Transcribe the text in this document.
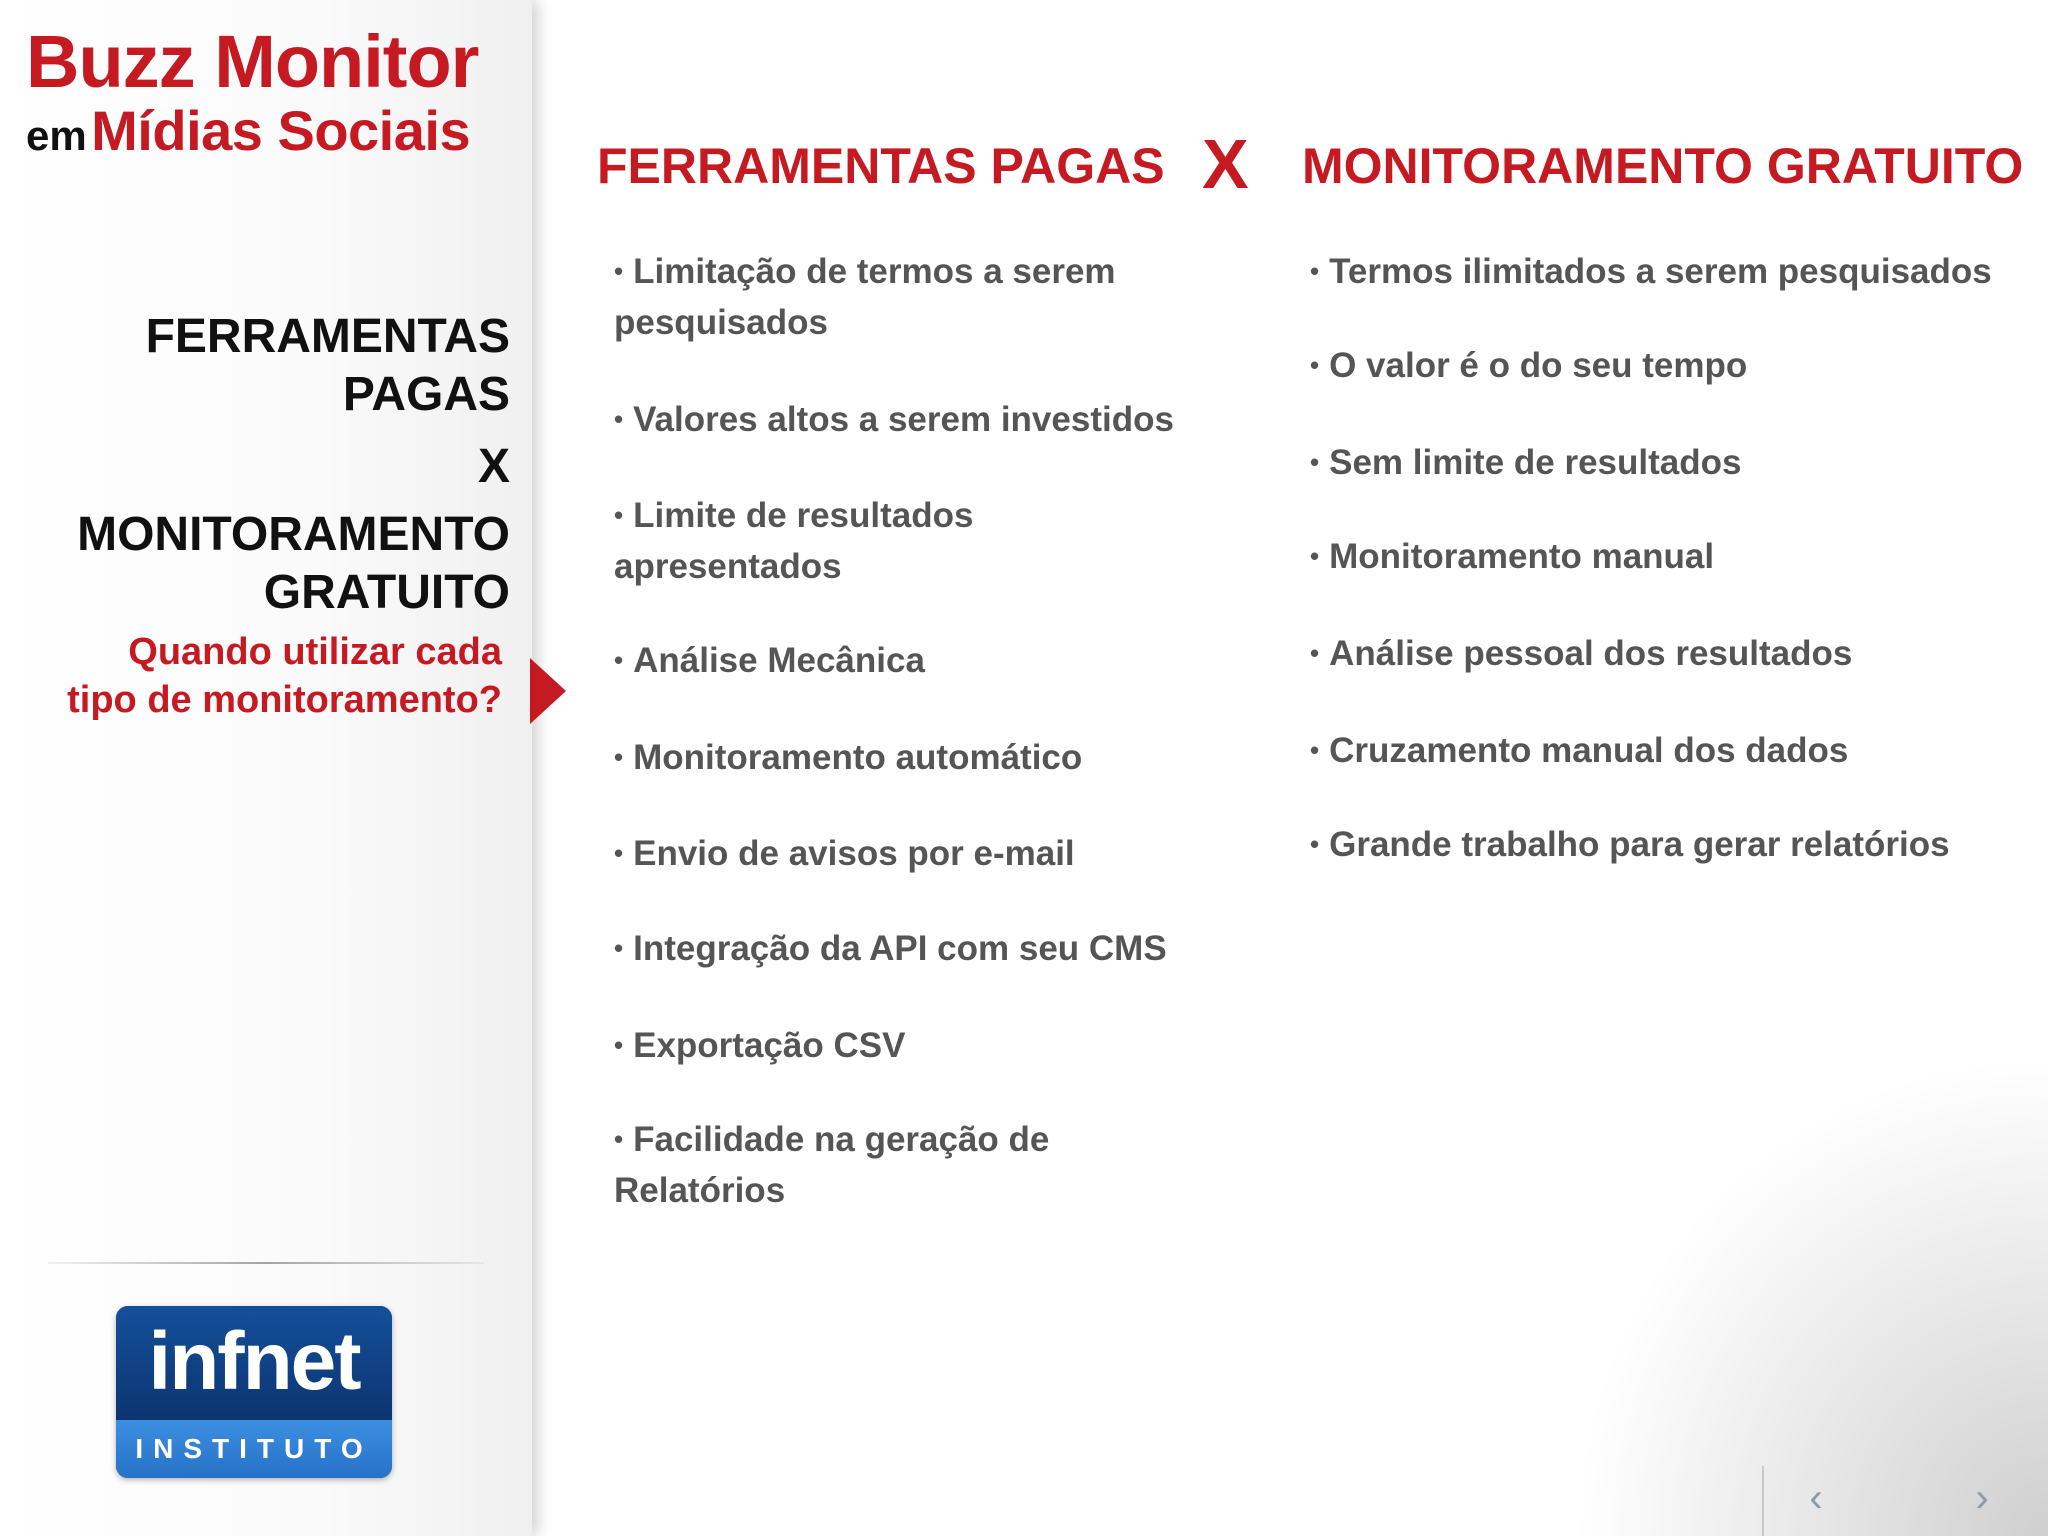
Buzz Monitor
em Mídias Sociais
FERRAMENTAS
PAGAS
X
MONITORAMENTO
GRATUITO
Quando utilizar cada
tipo de monitoramento?
infnet
INSTITUTO
FERRAMENTAS PAGAS X MONITORAMENTO GRATUITO
• Limitação de termos a serem pesquisados
• Valores altos a serem investidos
• Limite de resultados apresentados
• Análise Mecânica
• Monitoramento automático
• Envio de avisos por e-mail
• Integração da API com seu CMS
• Exportação CSV
• Facilidade na geração de Relatórios
• Termos ilimitados a serem pesquisados
• O valor é o do seu tempo
• Sem limite de resultados
• Monitoramento manual
• Análise pessoal dos resultados
• Cruzamento manual dos dados
• Grande trabalho para gerar relatórios
‹	›
